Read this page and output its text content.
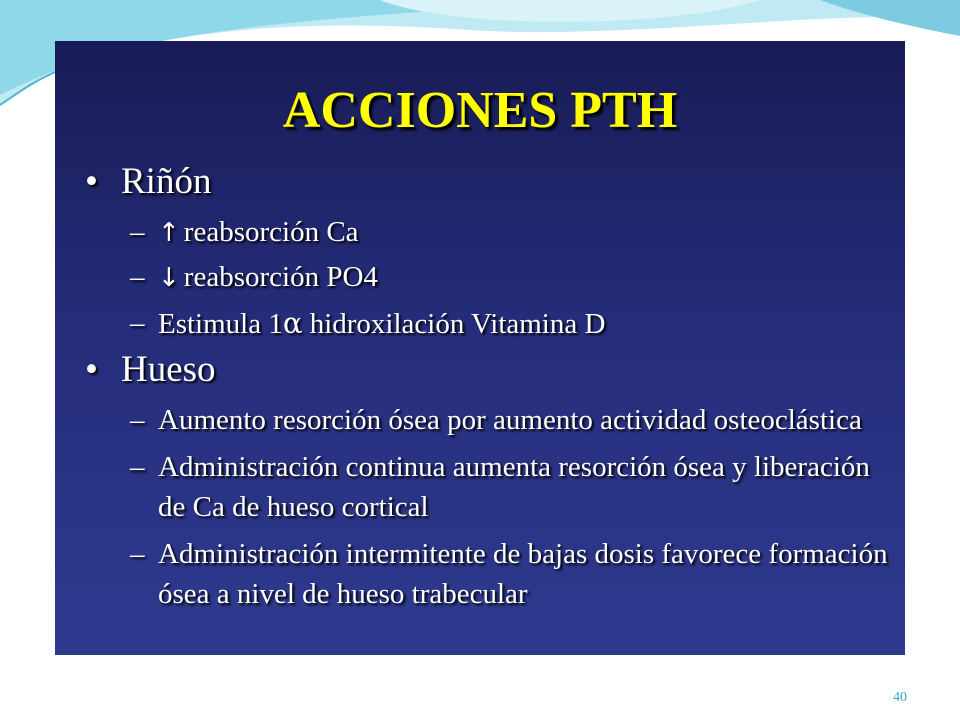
ACCIONES PTH
• Riñón
– ↑ reabsorción Ca
– ↓ reabsorción PO4
– Estimula 1α hidroxilación Vitamina D
• Hueso
– Aumento resorción ósea por aumento actividad osteoclástica
– Administración continua aumenta resorción ósea y liberación de Ca de hueso cortical
– Administración intermitente de bajas dosis favorece formación ósea a nivel de hueso trabecular
40
